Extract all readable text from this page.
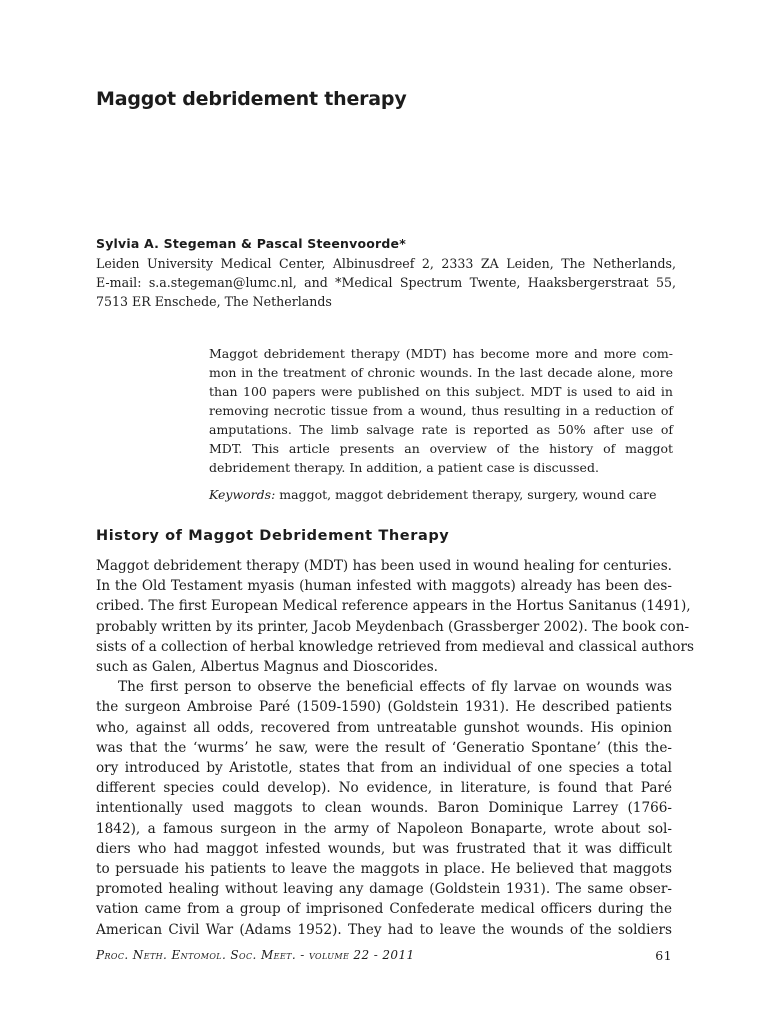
Maggot debridement therapy
Sylvia A. Stegeman & Pascal Steenvoorde*
Leiden University Medical Center, Albinusdreef 2, 2333 ZA Leiden, The Netherlands,
E-mail: s.a.stegeman@lumc.nl, and *Medical Spectrum Twente, Haaksbergerstraat 55,
7513 ER Enschede, The Netherlands
Maggot debridement therapy (MDT) has become more and more com-
mon in the treatment of chronic wounds. In the last decade alone, more
than 100 papers were published on this subject. MDT is used to aid in
removing necrotic tissue from a wound, thus resulting in a reduction of
amputations. The limb salvage rate is reported as 50% after use of
MDT. This article presents an overview of the history of maggot
debridement therapy. In addition, a patient case is discussed.

Keywords: maggot, maggot debridement therapy, surgery, wound care

History of Maggot Debridement Therapy

Maggot debridement therapy (MDT) has been used in wound healing for centuries.
In the Old Testament myasis (human infested with maggots) already has been des-
cribed. The first European Medical reference appears in the Hortus Sanitanus (1491),
probably written by its printer, Jacob Meydenbach (Grassberger 2002). The book con-
sists of a collection of herbal knowledge retrieved from medieval and classical authors
such as Galen, Albertus Magnus and Dioscorides.

The first person to observe the beneficial effects of fly larvae on wounds was
the surgeon Ambroise Paré (1509-1590) (Goldstein 1931). He described patients
who, against all odds, recovered from untreatable gunshot wounds. His opinion
was that the ‘wurms’ he saw, were the result of ‘Generatio Spontane’ (this the-
ory introduced by Aristotle, states that from an individual of one species a total
different species could develop). No evidence, in literature, is found that Paré
intentionally used maggots to clean wounds. Baron Dominique Larrey (1766-
1842), a famous surgeon in the army of Napoleon Bonaparte, wrote about sol-
diers who had maggot infested wounds, but was frustrated that it was difficult
to persuade his patients to leave the maggots in place. He believed that maggots
promoted healing without leaving any damage (Goldstein 1931). The same obser-
vation came from a group of imprisoned Confederate medical officers during the
American Civil War (Adams 1952). They had to leave the wounds of the soldiers

Proc. Neth. Entomol. Soc. Meet. - volume 22 - 2011	61
